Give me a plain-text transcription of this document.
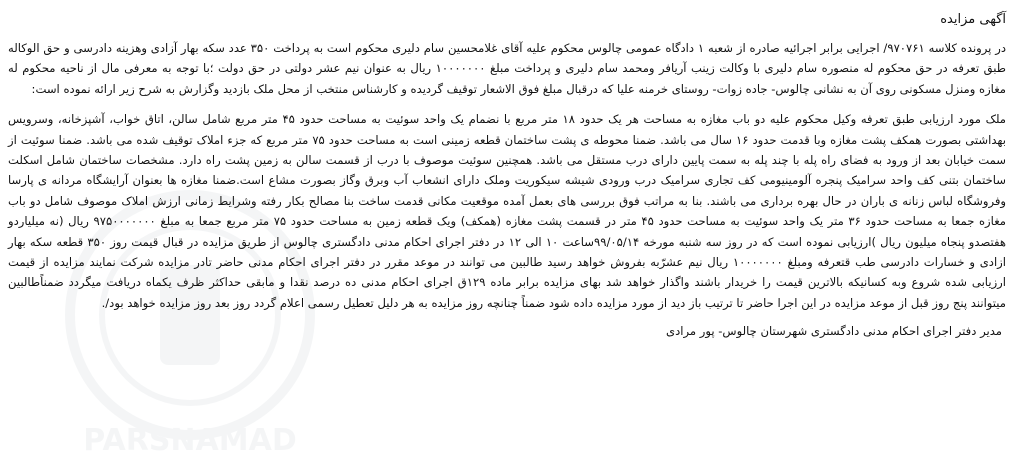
PARSNAMAD
آگهی مزایده

در پرونده کلاسه ۹۷۰۷۶۱/ اجرایی برابر اجرائیه صادره از شعبه ۱ دادگاه عمومی چالوس محکوم علیه آقای غلامحسین سام دلیری محکوم است به پرداخت ۳۵۰ عدد سکه بهار آزادی وهزینه دادرسی و حق الوکاله طبق تعرفه در حق محکوم له منصوره سام دلیری با وکالت زینب آریافر ومحمد سام دلیری و پرداخت مبلغ ۱۰۰۰۰۰۰۰ ریال به عنوان نیم عشر دولتی در حق دولت ؛با توجه به معرفی مال از ناحیه محکوم له مغازه ومنزل مسکونی روی آن به نشانی چالوس- جاده زوات- روستای خرمنه علیا که درقبال مبلغ فوق الاشعار توقیف گردیده و کارشناس منتخب از محل ملک بازدید وگزارش به شرح زیر ارائه نموده است:

ملک مورد ارزیابی طبق تعرفه وکیل محکوم علیه دو باب مغازه به مساحت هر یک حدود ۱۸ متر مربع با نضمام یک واحد سوئیت به مساحت حدود ۴۵ متر مربع شامل سالن، اتاق خواب، آشپزخانه، وسرویس بهداشتی بصورت همکف پشت مغازه وبا قدمت حدود ۱۶ سال می باشد. ضمنا محوطه ی پشت ساختمان قطعه زمینی است به مساحت حدود ۷۵ متر مربع که جزء املاک توقیف شده می باشد. ضمنا سوئیت از سمت خیابان بعد از ورود به فضای راه پله با چند پله به سمت پایین دارای درب مستقل می باشد. همچنین سوئیت موصوف با درب از قسمت سالن به زمین پشت راه دارد. مشخصات ساختمان شامل اسکلت ساختمان بتنی کف واحد سرامیک پنجره آلومینیومی کف تجاری سرامیک درب ورودی شیشه سیکوریت وملک دارای انشعاب آب وبرق وگاز بصورت مشاع است.ضمنا مغازه ها بعنوان آرایشگاه مردانه ی پارسا وفروشگاه لباس زنانه ی باران در حال بهره برداری می باشند. بنا به مراتب فوق بررسی های بعمل آمده موقعیت مکانی قدمت ساخت بنا مصالح بکار رفته وشرایط زمانی ارزش املاک موصوف شامل دو باب مغازه جمعا به مساحت حدود ۳۶ متر یک واحد سوئیت به مساحت حدود ۴۵ متر در قسمت پشت مغازه (همکف) ویک قطعه زمین به مساحت حدود ۷۵ متر مربع جمعا به مبلغ ۹۷۵۰۰۰۰۰۰۰ ریال (نه میلیاردو هفتصدو پنجاه میلیون ریال )ارزیابی نموده است که در روز سه شنبه مورخه ۹۹/۰۵/۱۴ساعت ۱۰ الی ۱۲ در دفتر اجرای احکام مدنی دادگستری چالوس از طریق مزایده در قبال قیمت روز ۳۵۰ قطعه سکه بهار ازادی و خسارات دادرسی طب قتعرفه ومبلغ ۱۰۰۰۰۰۰۰ ریال نیم عشرّبه بفروش خواهد رسید طالبین می توانند در موعد مقرر در دفتر اجرای احکام مدنی حاضر تادر مزایده شرکت نمایند مزایده از قیمت ارزیابی شده شروع وبه کسانیکه بالاترین قیمت را خریدار باشند واگذار خواهد شد بهای مزایده برابر ماده ۱۲۹ق اجرای احکام مدنی ده درصد نقدا و مابقی حداکثر ظرف یکماه دریافت میگردد ضمناًطالبین میتوانند پنج روز قبل از موعد مزایده در این اجرا حاضر تا ترتیب باز دید از مورد مزایده داده شود ضمناً چنانچه روز مزایده به هر دلیل تعطیل رسمی اعلام گردد روز بعد روز مزایده خواهد بود/.

مدیر دفتر اجرای احکام مدنی دادگستری شهرستان چالوس- پور مرادی
